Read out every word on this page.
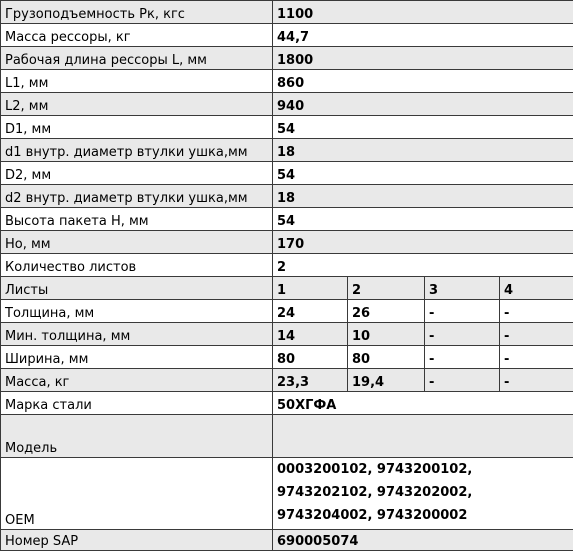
Грузоподъемность Рк, кгс	1100			
Масса рессоры, кг	44,7			
Рабочая длина рессоры L, мм	1800			
L1, мм	860			
L2, мм	940			
D1, мм	54			
d1 внутр. диаметр втулки ушка,мм	18			
D2, мм	54			
d2 внутр. диаметр втулки ушка,мм	18			
Высота пакета H, мм	54			
Ho, мм	170			
Количество листов	2			
Листы	1	2	3	4
Толщина, мм	24	26	-	-
Мин. толщина, мм	14	10	-	-
Ширина, мм	80	80	-	-
Масса, кг	23,3	19,4	-	-
Марка стали	50ХГФА			
Модель				
OEM	0003200102, 9743200102, 9743202102, 9743202002, 9743204002, 9743200002			
Номер SAP	690005074			
